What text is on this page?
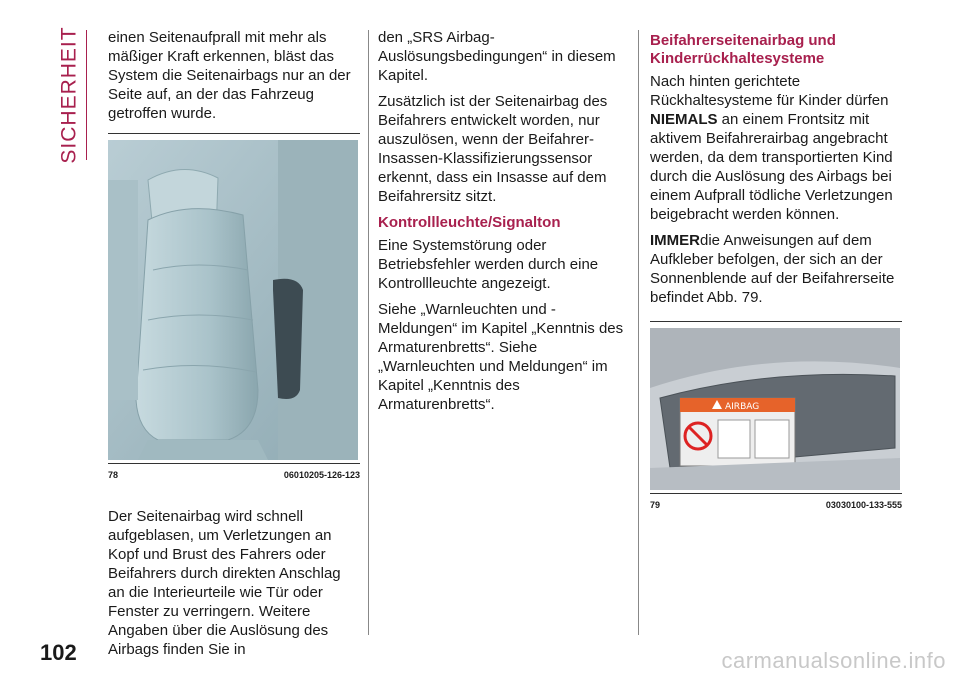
SICHERHEIT einen Seitenaufprall mit mehr als mäßiger Kraft erkennen, bläst das System die Seitenairbags nur an der Seite auf, an der das Fahrzeug getroffen wurde.

78	06010205-126-123

Der Seitenairbag wird schnell aufgeblasen, um Verletzungen an Kopf und Brust des Fahrers oder Beifahrers durch direkten Anschlag an die Interieurteile wie Tür oder Fenster zu verringern. Weitere Angaben über die Auslösung des Airbags finden Sie in

den „SRS Airbag-Auslösungsbedingungen“ in diesem Kapitel.

Zusätzlich ist der Seitenairbag des Beifahrers entwickelt worden, nur auszulösen, wenn der Beifahrer-Insassen-Klassifizierungssensor erkennt, dass ein Insasse auf dem Beifahrersitz sitzt.

Kontrollleuchte/Signalton

Eine Systemstörung oder Betriebsfehler werden durch eine Kontrollleuchte angezeigt.

Siehe „Warnleuchten und -Meldungen“ im Kapitel „Kenntnis des Armaturenbretts“. Siehe „Warnleuchten und Meldungen“ im Kapitel „Kenntnis des Armaturenbretts“.

Beifahrerseitenairbag und Kinderrückhaltesysteme

Nach hinten gerichtete Rückhaltesysteme für Kinder dürfen NIEMALS an einem Frontsitz mit aktivem Beifahrerairbag angebracht werden, da dem transportierten Kind durch die Auslösung des Airbags bei einem Aufprall tödliche Verletzungen beigebracht werden können.

IMMERdie Anweisungen auf dem Aufkleber befolgen, der sich an der Sonnenblende auf der Beifahrerseite befindet Abb. 79.

AIRBAG
79	03030100-133-555
102	carmanualsonline.info
